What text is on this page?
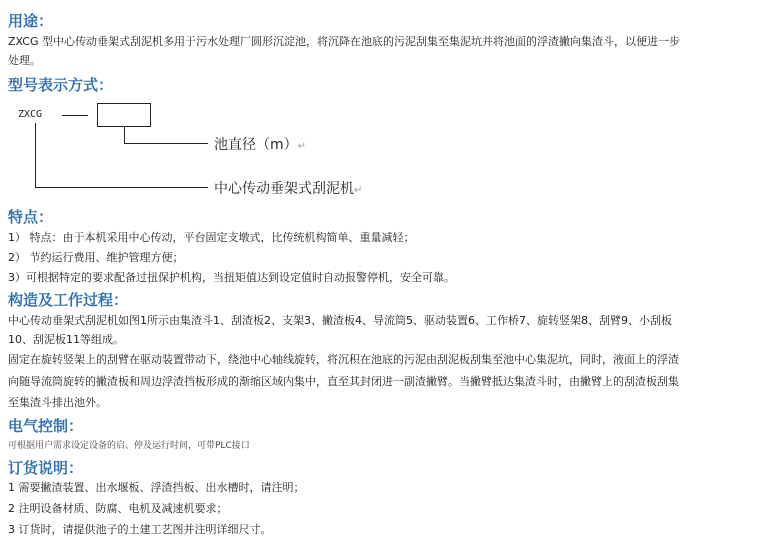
用途：
ZXCG 型中心传动垂架式刮泥机多用于污水处理厂圆形沉淀池，将沉降在池底的污泥刮集至集泥坑并将池面的浮渣撇向集渣斗，以便进一步
处理。
型号表示方式：
ZXCG
池直径（m）↵
中心传动垂架式刮泥机↵
特点：
1） 特点：由于本机采用中心传动，平台固定支墩式，比传统机构简单、重量减轻；
2） 节约运行费用、维护管理方便；
3）可根据特定的要求配备过扭保护机构，当扭矩值达到设定值时自动报警停机，安全可靠。
构造及工作过程：
中心传动垂架式刮泥机如图1所示由集渣斗1、刮渣板2、支架3、撇渣板4、导流筒5、驱动装置6、工作桥7、旋转竖架8、刮臂9、小刮板
10、刮泥板11等组成。
固定在旋转竖架上的刮臂在驱动装置带动下，绕池中心轴线旋转，将沉积在池底的污泥由刮泥板刮集至池中心集泥坑，同时，液面上的浮渣
向随导流筒旋转的撇渣板和周边浮渣挡板形成的渐缩区域内集中，直至其封闭进一副渣撇臂。当撇臂抵达集渣斗时，由撇臂上的刮渣板刮集
至集渣斗排出池外。
电气控制：
可根据用户需求设定设备的启、停及运行时间，可带PLC接口
订货说明：
1 需要撇渣装置、出水堰板、浮渣挡板、出水槽时，请注明；
2 注明设备材质、防腐、电机及减速机要求；
3 订货时，请提供池子的土建工艺图并注明详细尺寸。
